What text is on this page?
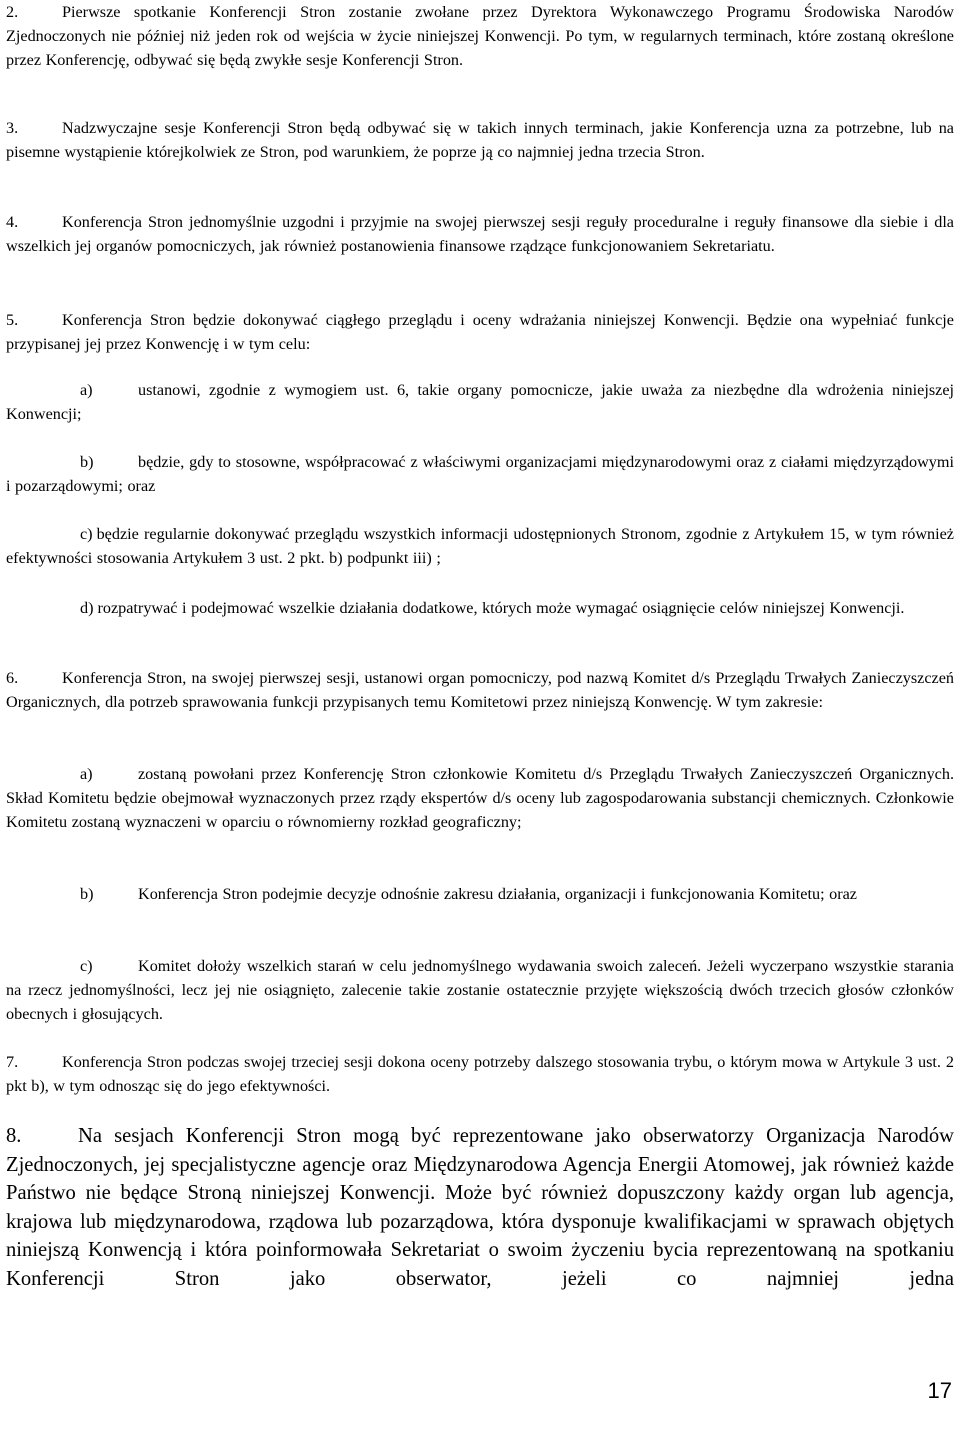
2.	Pierwsze spotkanie Konferencji Stron zostanie zwołane przez Dyrektora Wykonawczego Programu Środowiska Narodów Zjednoczonych nie później niż jeden rok od wejścia w życie niniejszej Konwencji. Po tym, w regularnych terminach, które zostaną określone przez Konferencję, odbywać się będą zwykłe sesje Konferencji Stron.

3.	Nadzwyczajne sesje Konferencji Stron będą odbywać się w takich innych terminach, jakie Konferencja uzna za potrzebne, lub na pisemne wystąpienie którejkolwiek ze Stron, pod warunkiem, że poprze ją co najmniej jedna trzecia Stron.

4.	Konferencja Stron jednomyślnie uzgodni i przyjmie na swojej pierwszej sesji reguły proceduralne i reguły finansowe dla siebie i dla wszelkich jej organów pomocniczych, jak również postanowienia finansowe rządzące funkcjonowaniem Sekretariatu.

5.	Konferencja Stron będzie dokonywać ciągłego przeglądu i oceny wdrażania niniejszej Konwencji. Będzie ona wypełniać funkcje przypisanej jej przez Konwencję i w tym celu:

a)	ustanowi, zgodnie z wymogiem ust. 6, takie organy pomocnicze, jakie uważa za niezbędne dla wdrożenia niniejszej Konwencji;

b)	będzie, gdy to stosowne, współpracować z właściwymi organizacjami międzynarodowymi oraz z ciałami międzyrządowymi i pozarządowymi; oraz

c) będzie regularnie dokonywać przeglądu wszystkich informacji udostępnionych Stronom, zgodnie z Artykułem 15, w tym również efektywności stosowania Artykułem 3 ust. 2 pkt. b) podpunkt iii) ;

d) rozpatrywać i podejmować wszelkie działania dodatkowe, których może wymagać osiągnięcie celów niniejszej Konwencji.

6.	Konferencja Stron, na swojej pierwszej sesji, ustanowi organ pomocniczy, pod nazwą Komitet d/s Przeglądu Trwałych Zanieczyszczeń Organicznych, dla potrzeb sprawowania funkcji przypisanych temu Komitetowi przez niniejszą Konwencję. W tym zakresie:

a)	zostaną powołani przez Konferencję Stron członkowie Komitetu d/s Przeglądu Trwałych Zanieczyszczeń Organicznych. Skład Komitetu będzie obejmował wyznaczonych przez rządy ekspertów d/s oceny lub zagospodarowania substancji chemicznych. Członkowie Komitetu zostaną wyznaczeni w oparciu o równomierny rozkład geograficzny;

b)	Konferencja Stron podejmie decyzje odnośnie zakresu działania, organizacji i funkcjonowania Komitetu; oraz

c)	Komitet dołoży wszelkich starań w celu jednomyślnego wydawania swoich zaleceń. Jeżeli wyczerpano wszystkie starania na rzecz jednomyślności, lecz jej nie osiągnięto, zalecenie takie zostanie ostatecznie przyjęte większością dwóch trzecich głosów członków obecnych i głosujących.

7.	Konferencja Stron podczas swojej trzeciej sesji dokona oceny potrzeby dalszego stosowania trybu, o którym mowa w Artykule 3 ust. 2 pkt b), w tym odnosząc się do jego efektywności.

8.	Na sesjach Konferencji Stron mogą być reprezentowane jako obserwatorzy Organizacja Narodów Zjednoczonych, jej specjalistyczne agencje oraz Międzynarodowa Agencja Energii Atomowej, jak również każde Państwo nie będące Stroną niniejszej Konwencji. Może być również dopuszczony każdy organ lub agencja, krajowa lub międzynarodowa, rządowa lub pozarządowa, która dysponuje kwalifikacjami w sprawach objętych niniejszą Konwencją i która poinformowała Sekretariat o swoim życzeniu bycia reprezentowaną na spotkaniu Konferencji Stron jako obserwator, jeżeli co najmniej jedna

17
